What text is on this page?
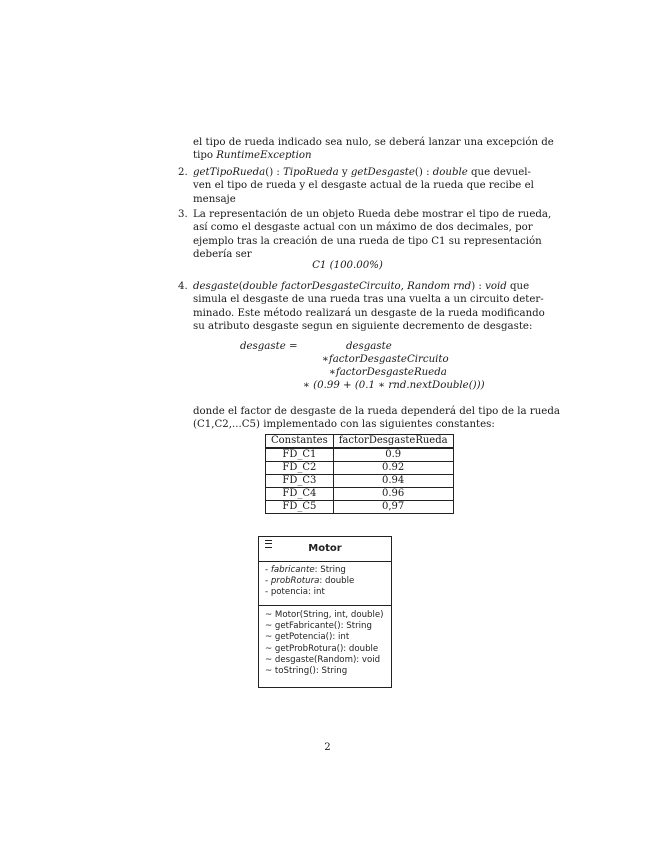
el tipo de rueda indicado sea nulo, se deberá lanzar una excepción de
tipo RuntimeException
2. getTipoRueda() : TipoRueda y getDesgaste() : double que devuel-
ven el tipo de rueda y el desgaste actual de la rueda que recibe el
mensaje
3. La representación de un objeto Rueda debe mostrar el tipo de rueda,
así como el desgaste actual con un máximo de dos decimales, por
ejemplo tras la creación de una rueda de tipo C1 su representación
debería ser
C1 (100.00%)
4. desgaste(double factorDesgasteCircuito, Random rnd) : void que
simula el desgaste de una rueda tras una vuelta a un circuito deter-
minado. Este método realizará un desgaste de la rueda modificando
su atributo desgaste segun en siguiente decremento de desgaste:
desgaste =	desgaste
∗factorDesgasteCircuito
∗factorDesgasteRueda
∗ (0.99 + (0.1 ∗ rnd.nextDouble()))
donde el factor de desgaste de la rueda dependerá del tipo de la rueda
(C1,C2,...C5) implementado con las siguientes constantes:
Constantes	factorDesgasteRueda
FD_C1	0.9
FD_C2	0.92
FD_C3	0.94
FD_C4	0.96
FD_C5	0,97
Motor
- fabricante: String
- probRotura: double
- potencia: int
~ Motor(String, int, double)
~ getFabricante(): String
~ getPotencia(): int
~ getProbRotura(): double
~ desgaste(Random): void
~ toString(): String
2
